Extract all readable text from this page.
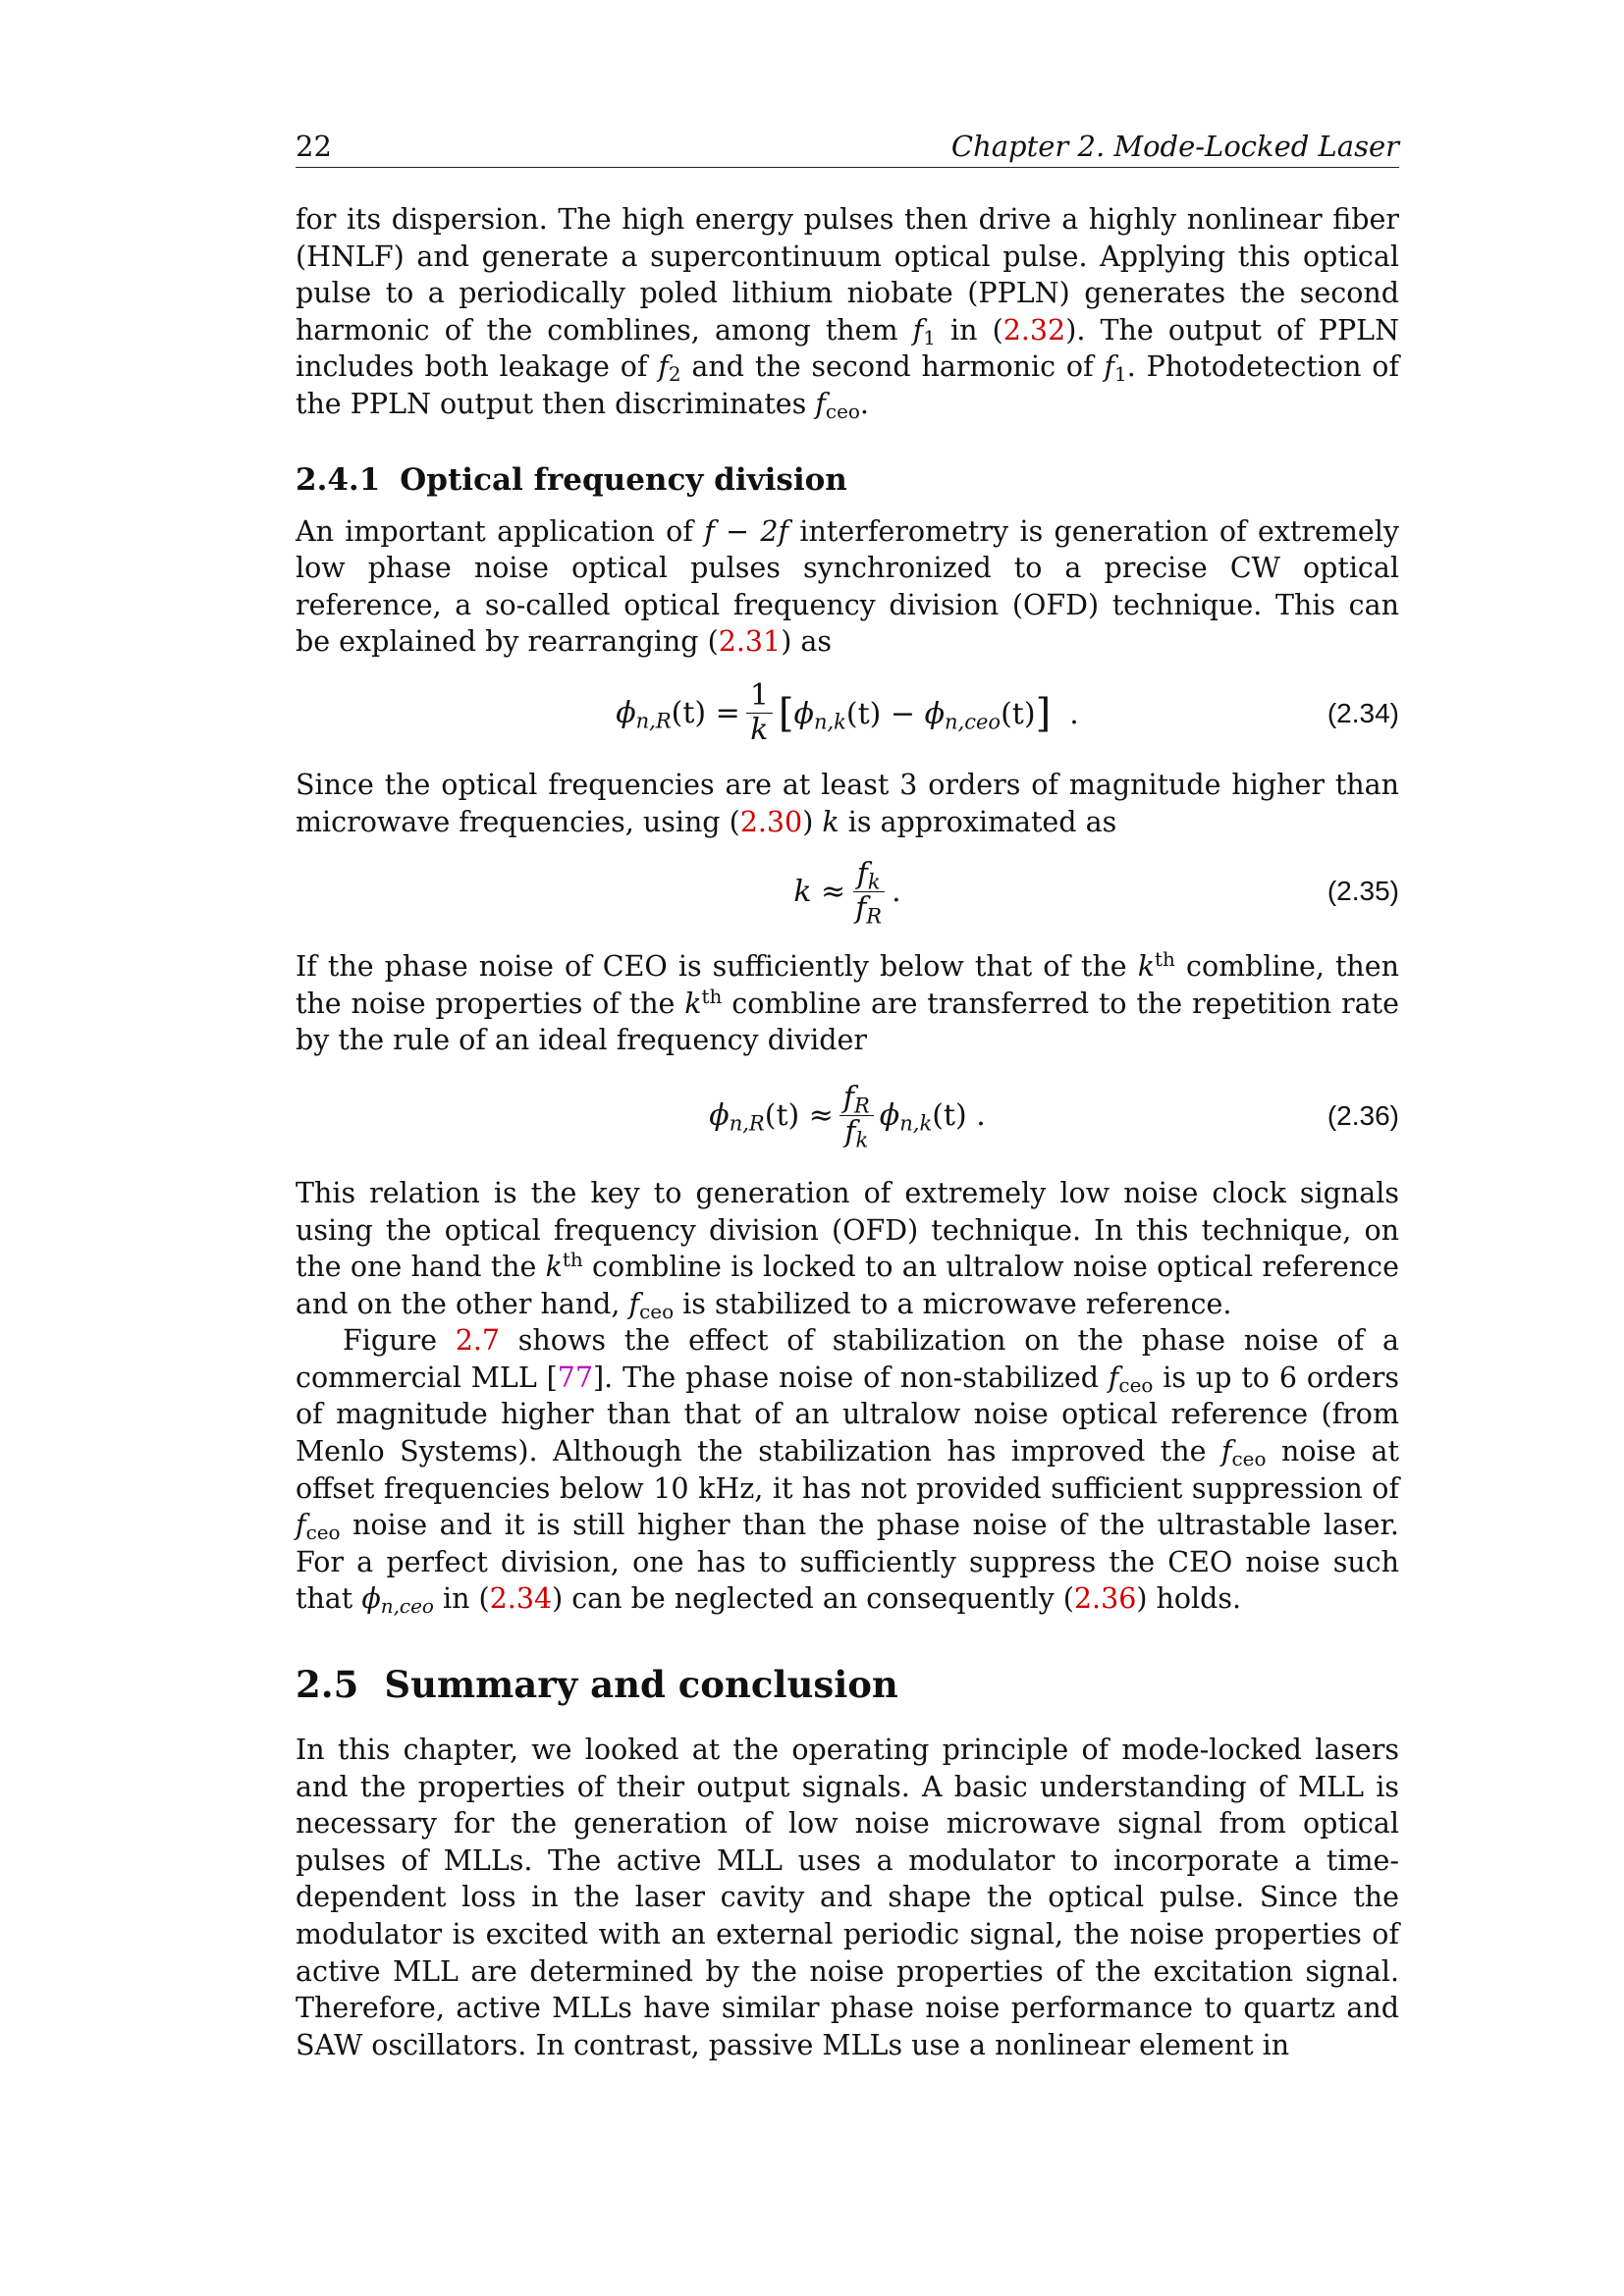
22	Chapter 2. Mode-Locked Laser

for its dispersion. The high energy pulses then drive a highly nonlinear fiber (HNLF) and generate a supercontinuum optical pulse. Applying this optical pulse to a periodically poled lithium niobate (PPLN) generates the second harmonic of the comblines, among them $f_1$ in (2.32). The output of PPLN includes both leakage of $f_2$ and the second harmonic of $f_1$. Photodetection of the PPLN output then discriminates $f_{ceo}$.

2.4.1 Optical frequency division

An important application of f − 2f interferometry is generation of extremely low phase noise optical pulses synchronized to a precise CW optical reference, a so-called optical frequency division (OFD) technique. This can be explained by rearranging (2.31) as

$\phi_{n,R}(t) = \frac{1}{k} [\phi_{n,k}(t) - \phi_{n,ceo}(t)]$ .	(2.34)

Since the optical frequencies are at least 3 orders of magnitude higher than microwave frequencies, using (2.30) k is approximated as

$k \approx \frac{f_k}{f_R}$ .	(2.35)

If the phase noise of CEO is sufficiently below that of the $k^{th}$ combline, then the noise properties of the $k^{th}$ combline are transferred to the repetition rate by the rule of an ideal frequency divider

$\phi_{n,R}(t) \approx \frac{f_R}{f_k} \phi_{n,k}(t)$ .	(2.36)

This relation is the key to generation of extremely low noise clock signals using the optical frequency division (OFD) technique. In this technique, on the one hand the $k^{th}$ combline is locked to an ultralow noise optical reference and on the other hand, $f_{ceo}$ is stabilized to a microwave reference.

Figure 2.7 shows the effect of stabilization on the phase noise of a commercial MLL [77]. The phase noise of non-stabilized $f_{ceo}$ is up to 6 orders of magnitude higher than that of an ultralow noise optical reference (from Menlo Systems). Although the stabilization has improved the $f_{ceo}$ noise at offset frequencies below 10 kHz, it has not provided sufficient suppression of $f_{ceo}$ noise and it is still higher than the phase noise of the ultrastable laser. For a perfect division, one has to sufficiently suppress the CEO noise such that $\phi_{n,ceo}$ in (2.34) can be neglected an consequently (2.36) holds.

2.5 Summary and conclusion

In this chapter, we looked at the operating principle of mode-locked lasers and the properties of their output signals. A basic understanding of MLL is necessary for the generation of low noise microwave signal from optical pulses of MLLs. The active MLL uses a modulator to incorporate a time-dependent loss in the laser cavity and shape the optical pulse. Since the modulator is excited with an external periodic signal, the noise properties of active MLL are determined by the noise properties of the excitation signal. Therefore, active MLLs have similar phase noise performance to quartz and SAW oscillators. In contrast, passive MLLs use a nonlinear element in
